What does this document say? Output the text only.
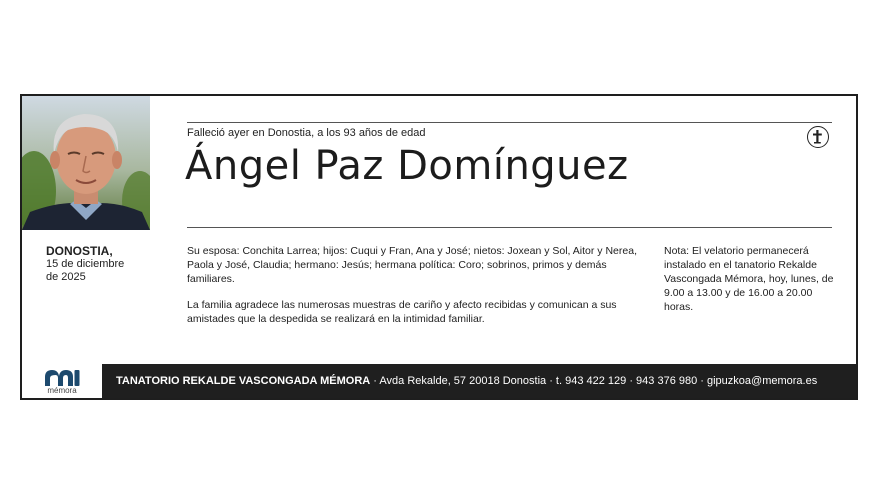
DONOSTIA,
15 de diciembre
de 2025
Falleció ayer en Donostia, a los 93 años de edad
Ángel Paz Domínguez

Su esposa: Conchita Larrea; hijos: Cuqui y Fran, Ana y José; nietos: Joxean y Sol, Aitor y Nerea, Paola y José, Claudia; hermano: Jesús; hermana política: Coro; sobrinos, primos y demás familiares.

La familia agradece las numerosas muestras de cariño y afecto recibidas y comunican a sus amistades que la despedida se realizará en la intimidad familiar.

Nota: El velatorio permanecerá instalado en el tanatorio Rekalde Vascongada Mémora, hoy, lunes, de 9.00 a 13.00 y de 16.00 a 20.00 horas.
mémora
TANATORIO REKALDE VASCONGADA MÉMORA · Avda Rekalde, 57 20018 Donostia · t. 943 422 129 · 943 376 980 · gipuzkoa@memora.es
